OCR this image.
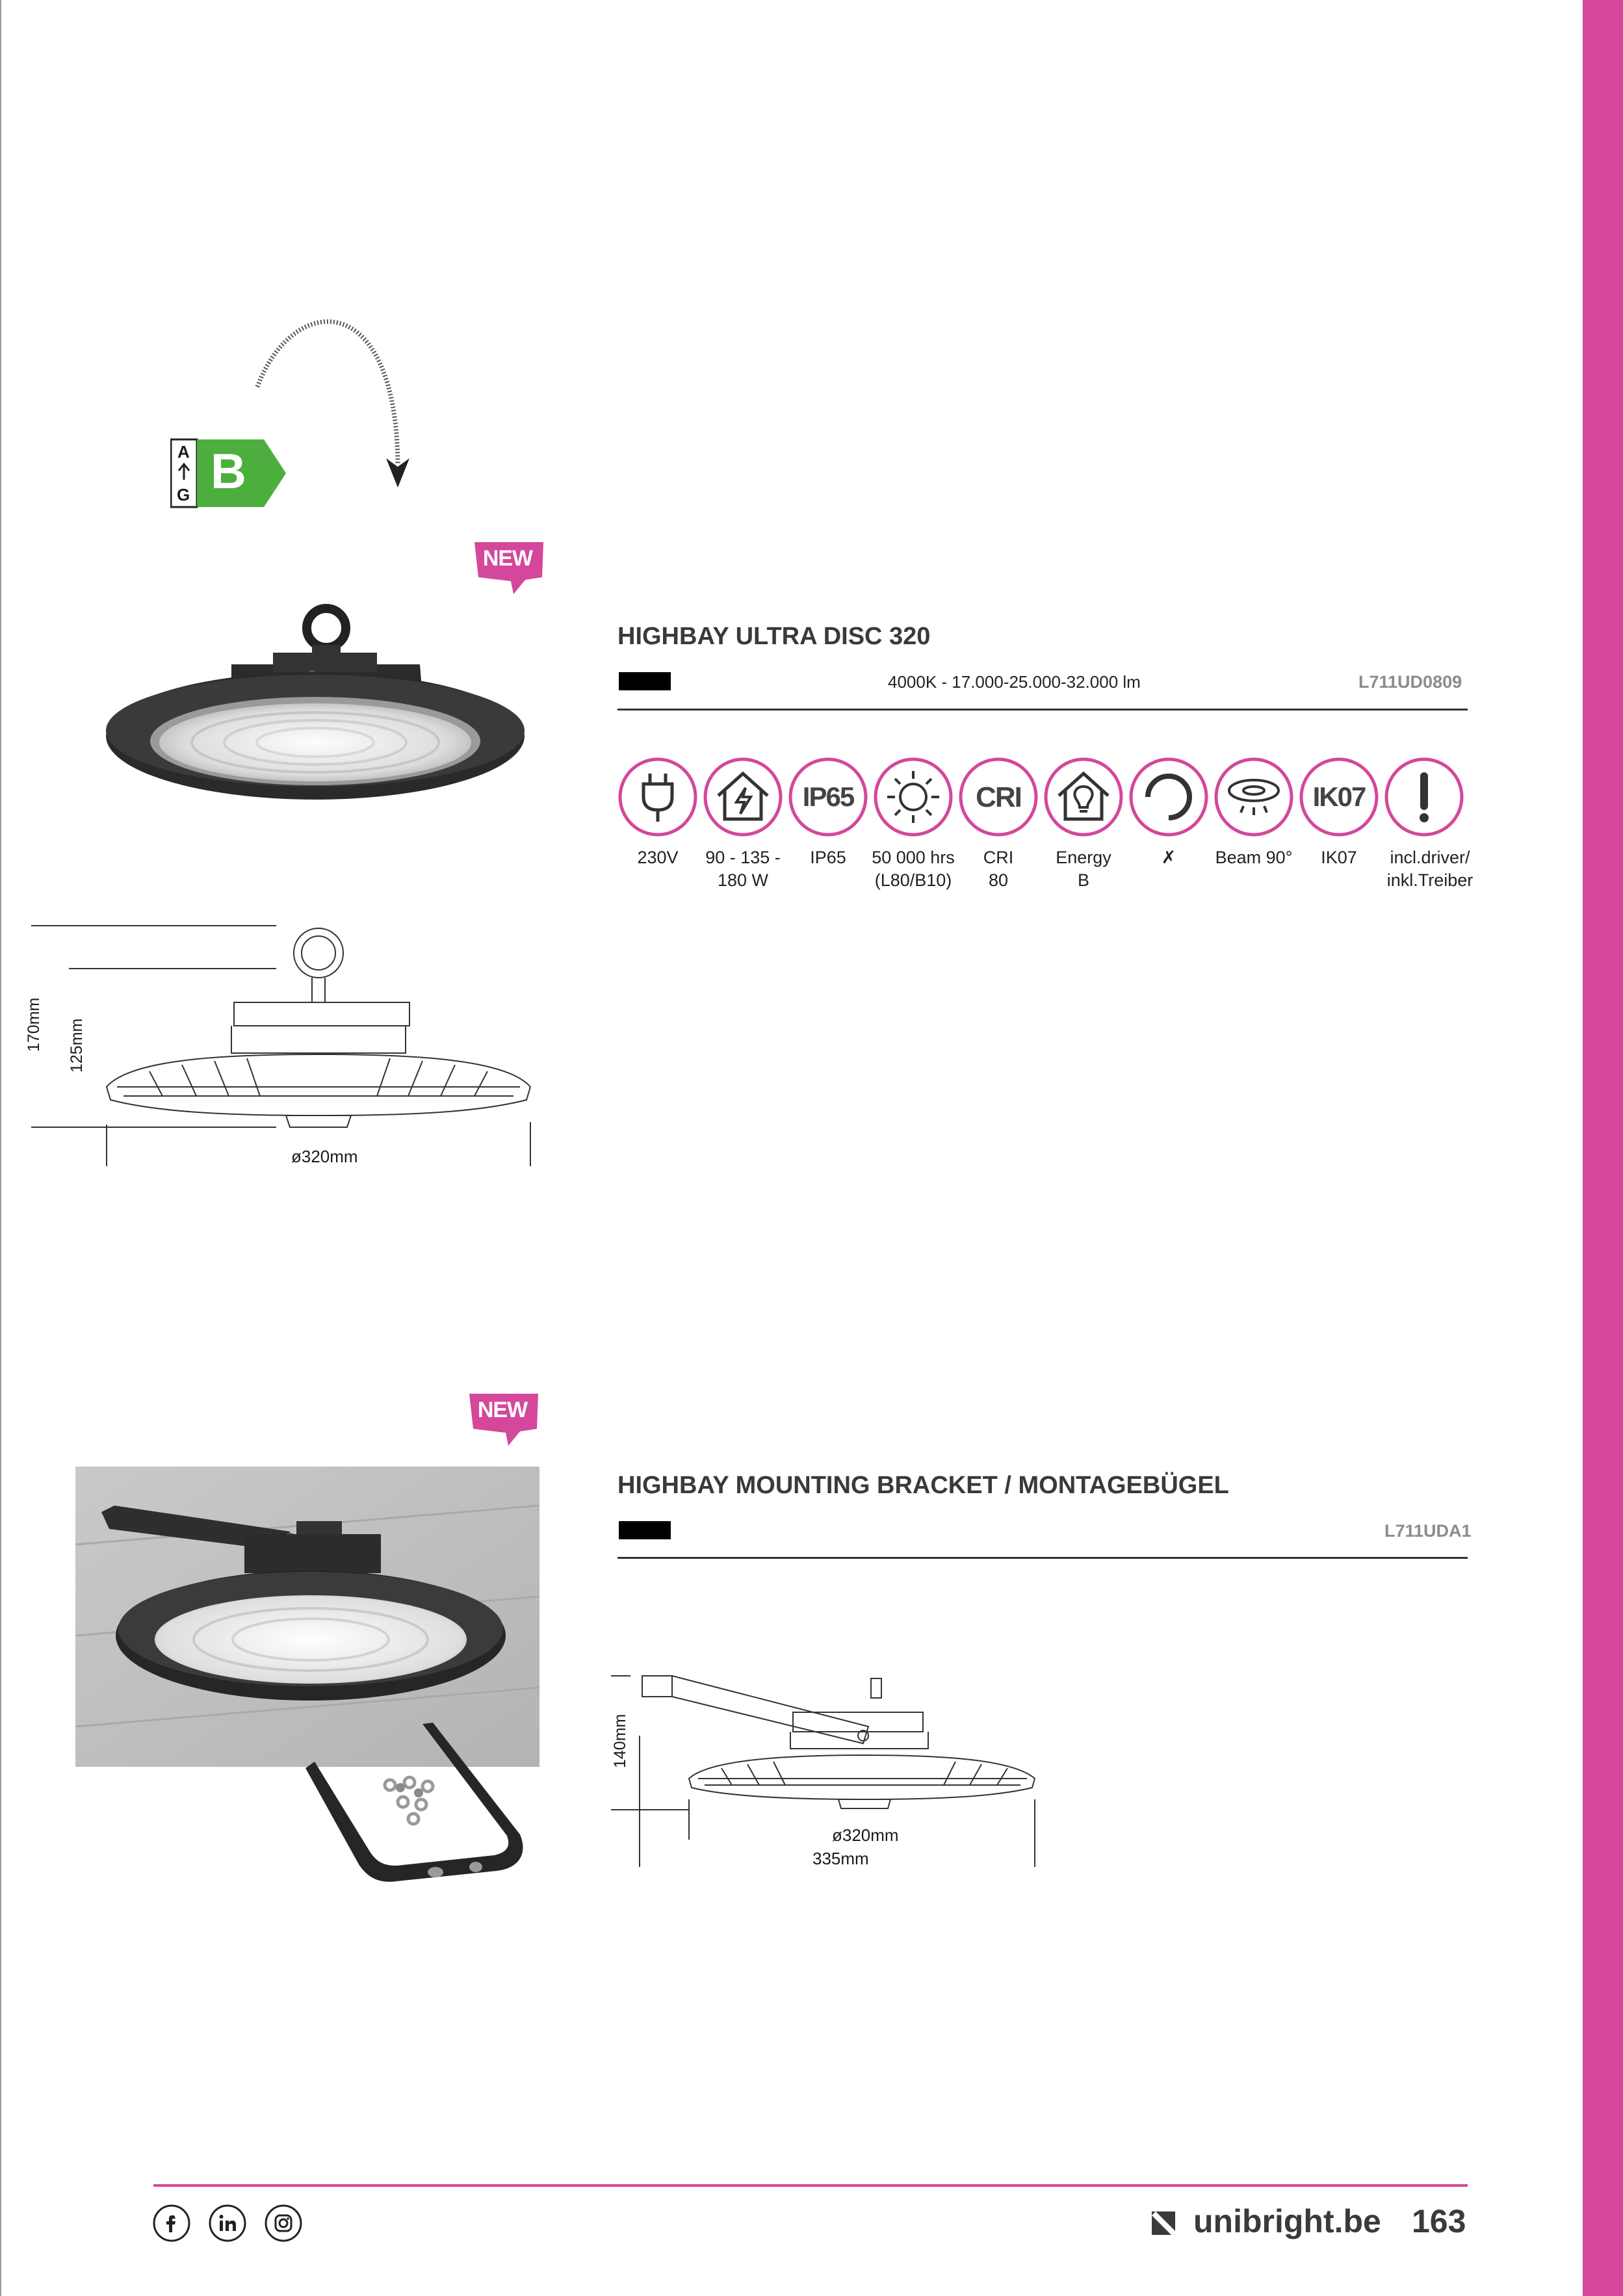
A
G B
NEW
HIGHBAY ULTRA DISC 320
4000K - 17.000-25.000-32.000 lm	L711UD0809
IP65	CRI	IK07
230V	90 - 135 -
180 W
IP65	50 000 hrs
(L80/B10)
CRI
80
Energy
B
✗	Beam 90°	IK07	incl.driver/
inkl.Treiber
170mm 125mm
ø320mm
NEW
HIGHBAY MOUNTING BRACKET / MONTAGEBÜGEL
L711UDA1
140mm
ø320mm
335mm
unibright.be 163
